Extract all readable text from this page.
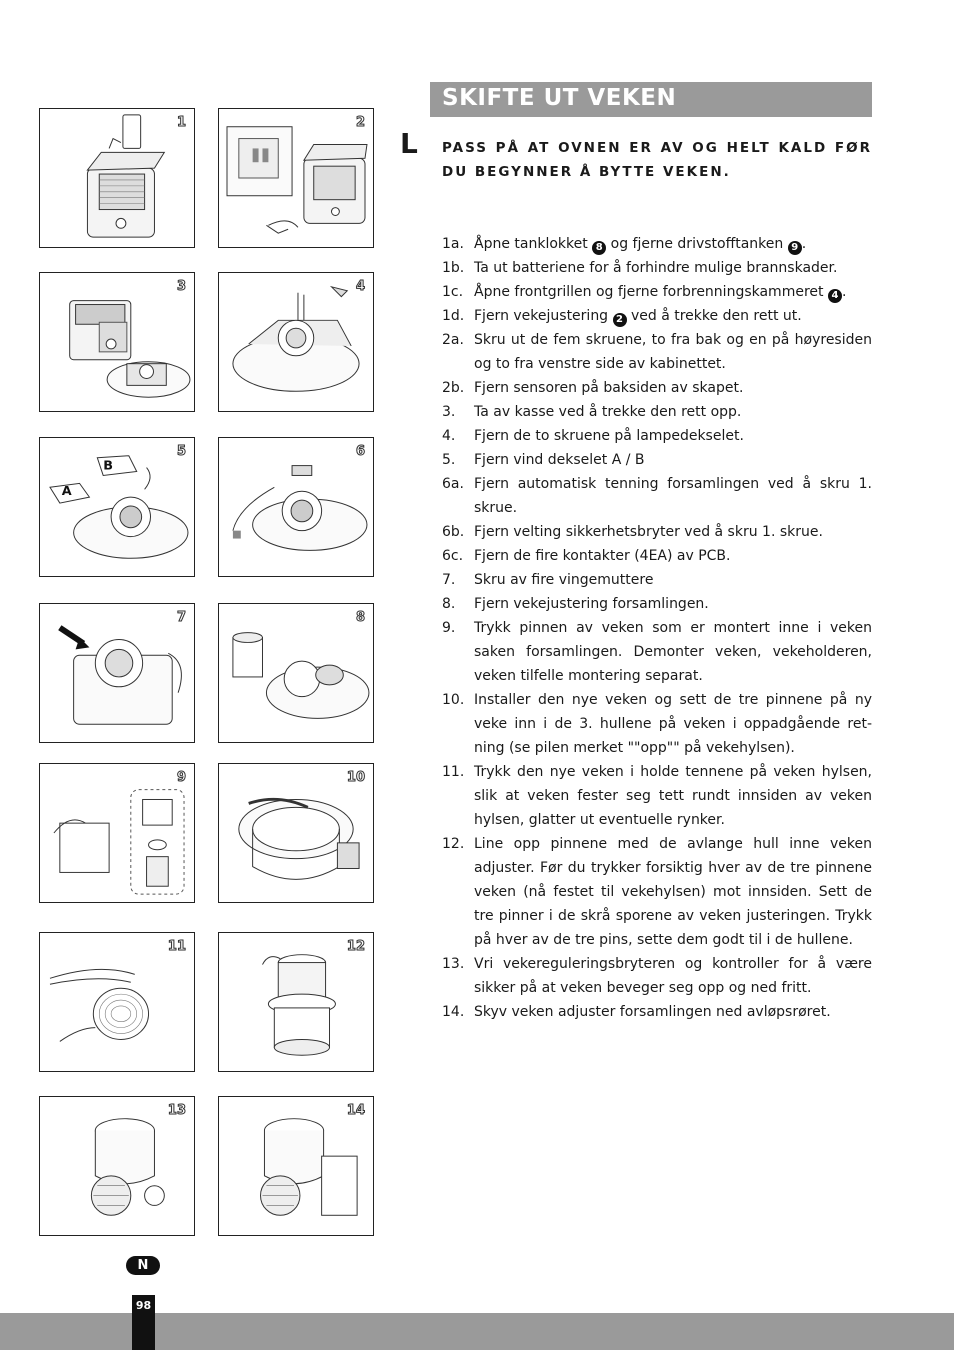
1	2
3	4
A
B
5	6
7	8
9	10
11	12
13	14
SKIFTE UT VEKEN
L PASS PÅ AT OVNEN ER AV OG HELT KALD FØR DU BEGYNNER Å BYTTE VEKEN.
1a. Åpne tanklokket 8 og fjerne drivstofftanken 9 .
1b. Ta ut batteriene for å forhindre mulige brannskader.
1c. Åpne frontgrillen og fjerne forbrenningskammeret 4 .
1d. Fjern vekejustering 2 ved å trekke den rett ut.
2a. Skru ut de fem skruene, to fra bak og en på høyresiden og to fra venstre side av kabinettet.
2b. Fjern sensoren på baksiden av skapet.
3.	Ta av kasse ved å trekke den rett opp.
4.	Fjern de to skruene på lampedekselet.
5.	Fjern vind dekselet A / B
6a. Fjern automatisk tenning forsamlingen ved å skru 1. skrue.
6b. Fjern velting sikkerhetsbryter ved å skru 1. skrue.
6c. Fjern de fire kontakter (4EA) av PCB.
7.	Skru av fire vingemuttere
8.	Fjern vekejustering forsamlingen.
9.	Trykk pinnen av veken som er montert inne i veken saken forsamlingen. Demonter veken, vekeholderen, veken tilfelle montering separat.
10. Installer den nye veken og sett de tre pinnene på ny veke inn i de 3. hullene på veken i oppadgående ret-ning (se pilen merket ""opp"" på vekehylsen).
11. Trykk den nye veken i holde tennene på veken hylsen, slik at veken fester seg tett rundt innsiden av veken hylsen, glatter ut eventuelle rynker.
12. Line opp pinnene med de avlange hull inne veken adjuster. Før du trykker forsiktig hver av de tre pinnene veken (nå festet til vekehylsen) mot innsiden. Sett de tre pinner i de skrå sporene av veken justeringen. Trykk på hver av de tre pins, sette dem godt til i de hullene.
13. Vri vekereguleringsbryteren og kontroller for å være sikker på at veken beveger seg opp og ned fritt.
14. Skyv veken adjuster forsamlingen ned avløpsrøret.
N
98
